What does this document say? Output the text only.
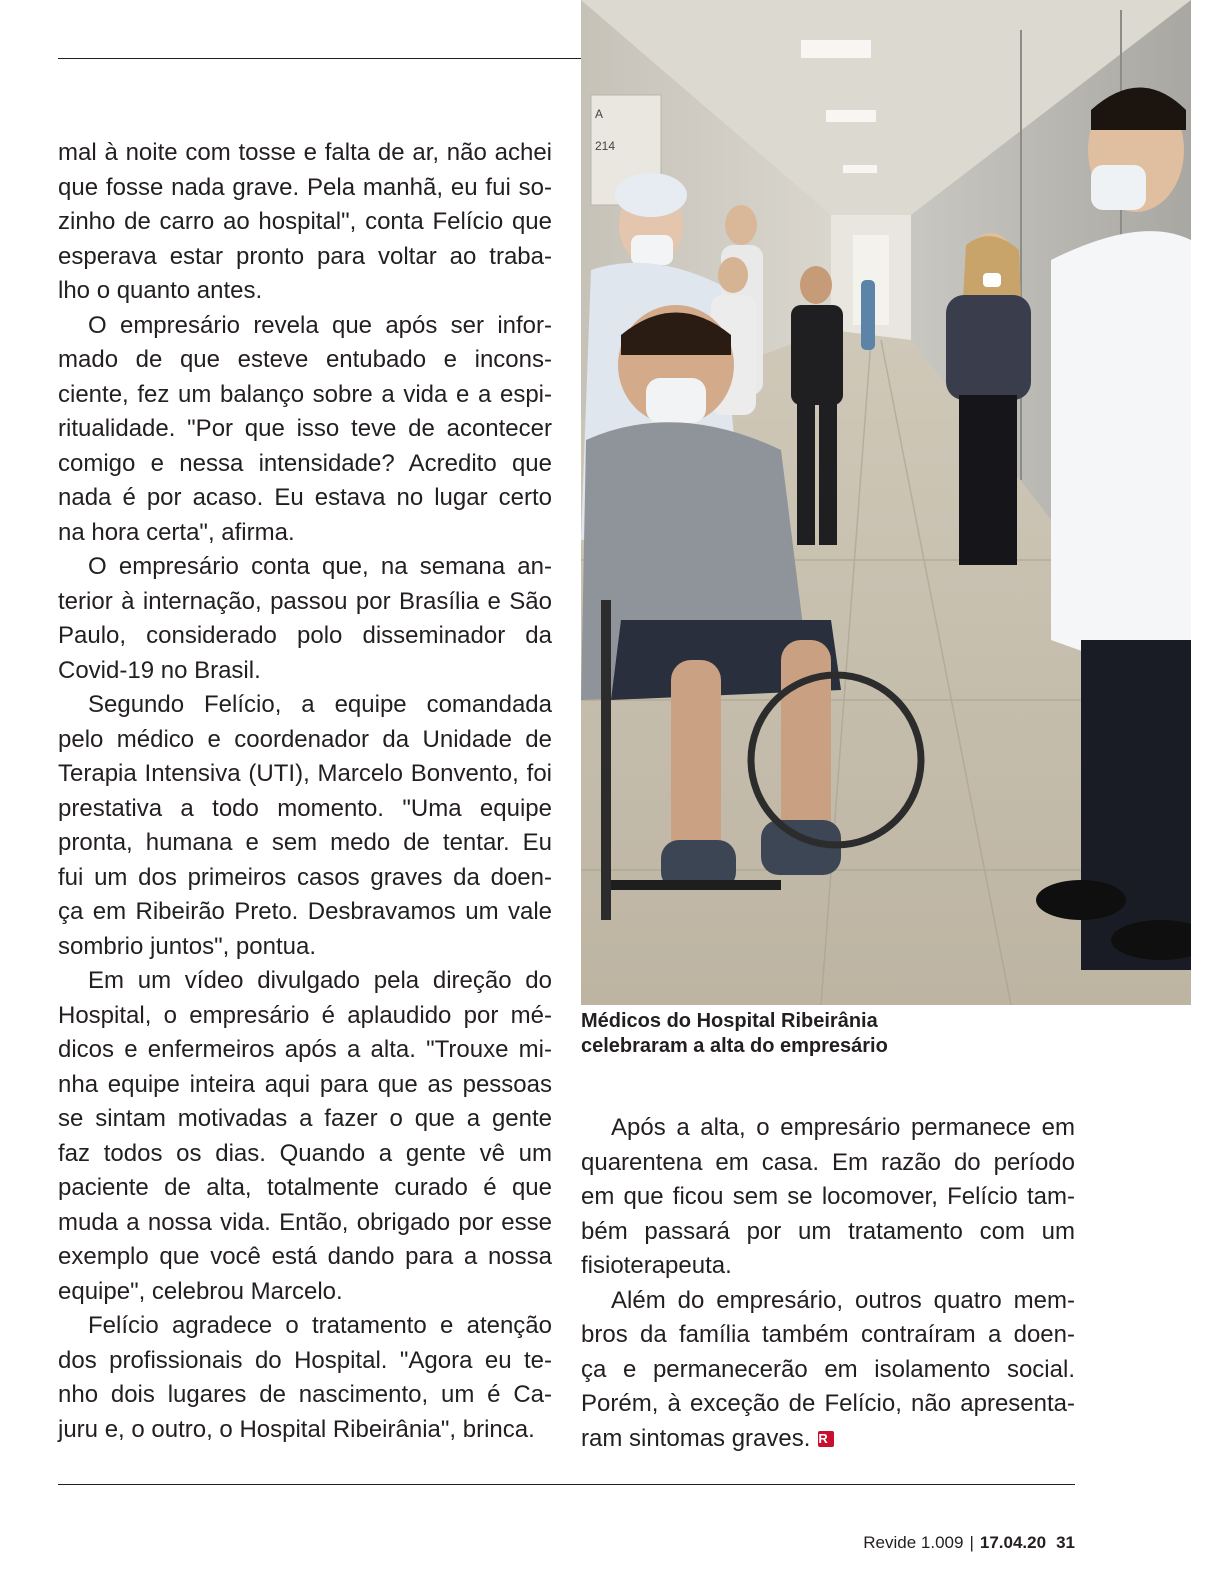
mal à noite com tosse e falta de ar, não achei
que fosse nada grave. Pela manhã, eu fui so-
zinho de carro ao hospital", conta Felício que
esperava estar pronto para voltar ao traba-
lho o quanto antes.
O empresário revela que após ser infor-
mado de que esteve entubado e incons-
ciente, fez um balanço sobre a vida e a espi-
ritualidade. "Por que isso teve de acontecer
comigo e nessa intensidade? Acredito que
nada é por acaso. Eu estava no lugar certo
na hora certa", afirma.
O empresário conta que, na semana an-
terior à internação, passou por Brasília e São
Paulo, considerado polo disseminador da
Covid-19 no Brasil.
Segundo Felício, a equipe comandada
pelo médico e coordenador da Unidade de
Terapia Intensiva (UTI), Marcelo Bonvento, foi
prestativa a todo momento. "Uma equipe
pronta, humana e sem medo de tentar. Eu
fui um dos primeiros casos graves da doen-
ça em Ribeirão Preto. Desbravamos um vale
sombrio juntos", pontua.
Em um vídeo divulgado pela direção do
Hospital, o empresário é aplaudido por mé-
dicos e enfermeiros após a alta. "Trouxe mi-
nha equipe inteira aqui para que as pessoas
se sintam motivadas a fazer o que a gente
faz todos os dias. Quando a gente vê um
paciente de alta, totalmente curado é que
muda a nossa vida. Então, obrigado por esse
exemplo que você está dando para a nossa
equipe", celebrou Marcelo.
Felício agradece o tratamento e atenção
dos profissionais do Hospital. "Agora eu te-
nho dois lugares de nascimento, um é Ca-
juru e, o outro, o Hospital Ribeirânia", brinca.
214
A
Médicos do Hospital Ribeirânia
celebraram a alta do empresário
Após a alta, o empresário permanece em
quarentena em casa. Em razão do período
em que ficou sem se locomover, Felício tam-
bém passará por um tratamento com um
fisioterapeuta.
Além do empresário, outros quatro mem-
bros da família também contraíram a doen-
ça e permanecerão em isolamento social.
Porém, à exceção de Felício, não apresenta-
ram sintomas graves. R
Revide 1.009 | 17.04.20 31
